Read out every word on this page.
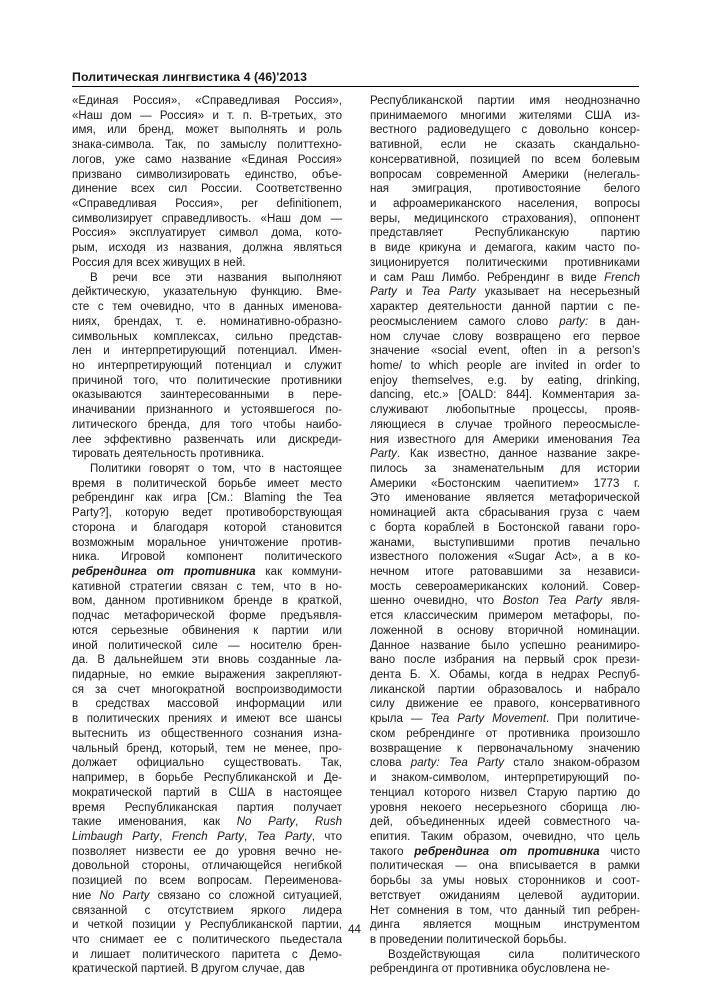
Политическая лингвистика 4 (46)'2013

«Единая Россия», «Справедливая Россия»,
«Наш дом — Россия» и т. п. В-третьих, это
имя, или бренд, может выполнять и роль
знака-символа. Так, по замыслу политтехно-
логов, уже само название «Единая Россия»
призвано символизировать единство, объе-
динение всех сил России. Соответственно
«Справедливая Россия», per definitionem,
символизирует справедливость. «Наш дом —
Россия» эксплуатирует символ дома, кото-
рым, исходя из названия, должна являться
Россия для всех живущих в ней.

В речи все эти названия выполняют
дейктическую, указательную функцию. Вме-
сте с тем очевидно, что в данных именова-
ниях, брендах, т. е. номинативно-образно-
символьных комплексах, сильно представ-
лен и интерпретирующий потенциал. Имен-
но интерпретирующий потенциал и служит
причиной того, что политические противники
оказываются заинтересованными в пере-
иначивании признанного и устоявшегося по-
литического бренда, для того чтобы наибо-
лее эффективно развенчать или дискреди-
тировать деятельность противника.

Политики говорят о том, что в настоящее
время в политической борьбе имеет место
ребрендинг как игра [См.: Blaming the Tea
Party?], которую ведет противоборствующая
сторона и благодаря которой становится
возможным моральное уничтожение против-
ника. Игровой компонент политического
ребрендинга от противника как коммуни-
кативной стратегии связан с тем, что в но-
вом, данном противником бренде в краткой,
подчас метафорической форме предъявля-
ются серьезные обвинения к партии или
иной политической силе — носителю брен-
да. В дальнейшем эти вновь созданные ла-
пидарные, но емкие выражения закрепляют-
ся за счет многократной воспроизводимости
в средствах массовой информации или
в политических прениях и имеют все шансы
вытеснить из общественного сознания изна-
чальный бренд, который, тем не менее, про-
должает официально существовать. Так,
например, в борьбе Республиканской и Де-
мократической партий в США в настоящее
время Республиканская партия получает
такие именования, как No Party, Rush
Limbaugh Party, French Party, Tea Party, что
позволяет низвести ее до уровня вечно не-
довольной стороны, отличающейся негибкой
позицией по всем вопросам. Переименова-
ние No Party связано со сложной ситуацией,
связанной с отсутствием яркого лидера
и четкой позиции у Республиканской партии,
что снимает ее с политического пьедестала
и лишает политического паритета с Демо-
кратической партией. В другом случае, дав

Республиканской партии имя неоднозначно
принимаемого многими жителями США из-
вестного радиоведущего с довольно консер-
вативной, если не сказать скандально-
консервативной, позицией по всем болевым
вопросам современной Америки (нелегаль-
ная эмиграция, противостояние белого
и афроамериканского населения, вопросы
веры, медицинского страхования), оппонент
представляет Республиканскую партию
в виде крикуна и демагога, каким часто по-
зиционируется политическими противниками
и сам Раш Лимбо. Ребрендинг в виде French
Party и Tea Party указывает на несерьезный
характер деятельности данной партии с пе-
реосмыслением самого слово party: в дан-
ном случае слову возвращено его первое
значение «social event, often in a person’s
home/ to which people are invited in order to
enjoy themselves, e.g. by eating, drinking,
dancing, etc.» [OALD: 844]. Комментария за-
служивают любопытные процессы, прояв-
ляющиеся в случае тройного переосмысле-
ния известного для Америки именования Tea
Party. Как известно, данное название закре-
пилось за знаменательным для истории
Америки «Бостонским чаепитием» 1773 г.
Это именование является метафорической
номинацией акта сбрасывания груза с чаем
с борта кораблей в Бостонской гавани горо-
жанами, выступившими против печально
известного положения «Sugar Act», а в ко-
нечном итоге ратовавшими за независи-
мость североамериканских колоний. Совер-
шенно очевидно, что Boston Tea Party явля-
ется классическим примером метафоры, по-
ложенной в основу вторичной номинации.
Данное название было успешно реанимиро-
вано после избрания на первый срок прези-
дента Б. Х. Обамы, когда в недрах Респуб-
ликанской партии образовалось и набрало
силу движение ее правого, консервативного
крыла — Tea Party Movement. При политиче-
ском ребрендинге от противника произошло
возвращение к первоначальному значению
слова party: Tea Party стало знаком-образом
и знаком-символом, интерпретирующий по-
тенциал которого низвел Старую партию до
уровня некоего несерьезного сборища лю-
дей, объединенных идеей совместного ча-
епития. Таким образом, очевидно, что цель
такого ребрендинга от противника чисто
политическая — она вписывается в рамки
борьбы за умы новых сторонников и соот-
ветствует ожиданиям целевой аудитории.
Нет сомнения в том, что данный тип ребрен-
динга является мощным инструментом
в проведении политической борьбы.

Воздействующая сила политического
ребрендинга от противника обусловлена не-

44
